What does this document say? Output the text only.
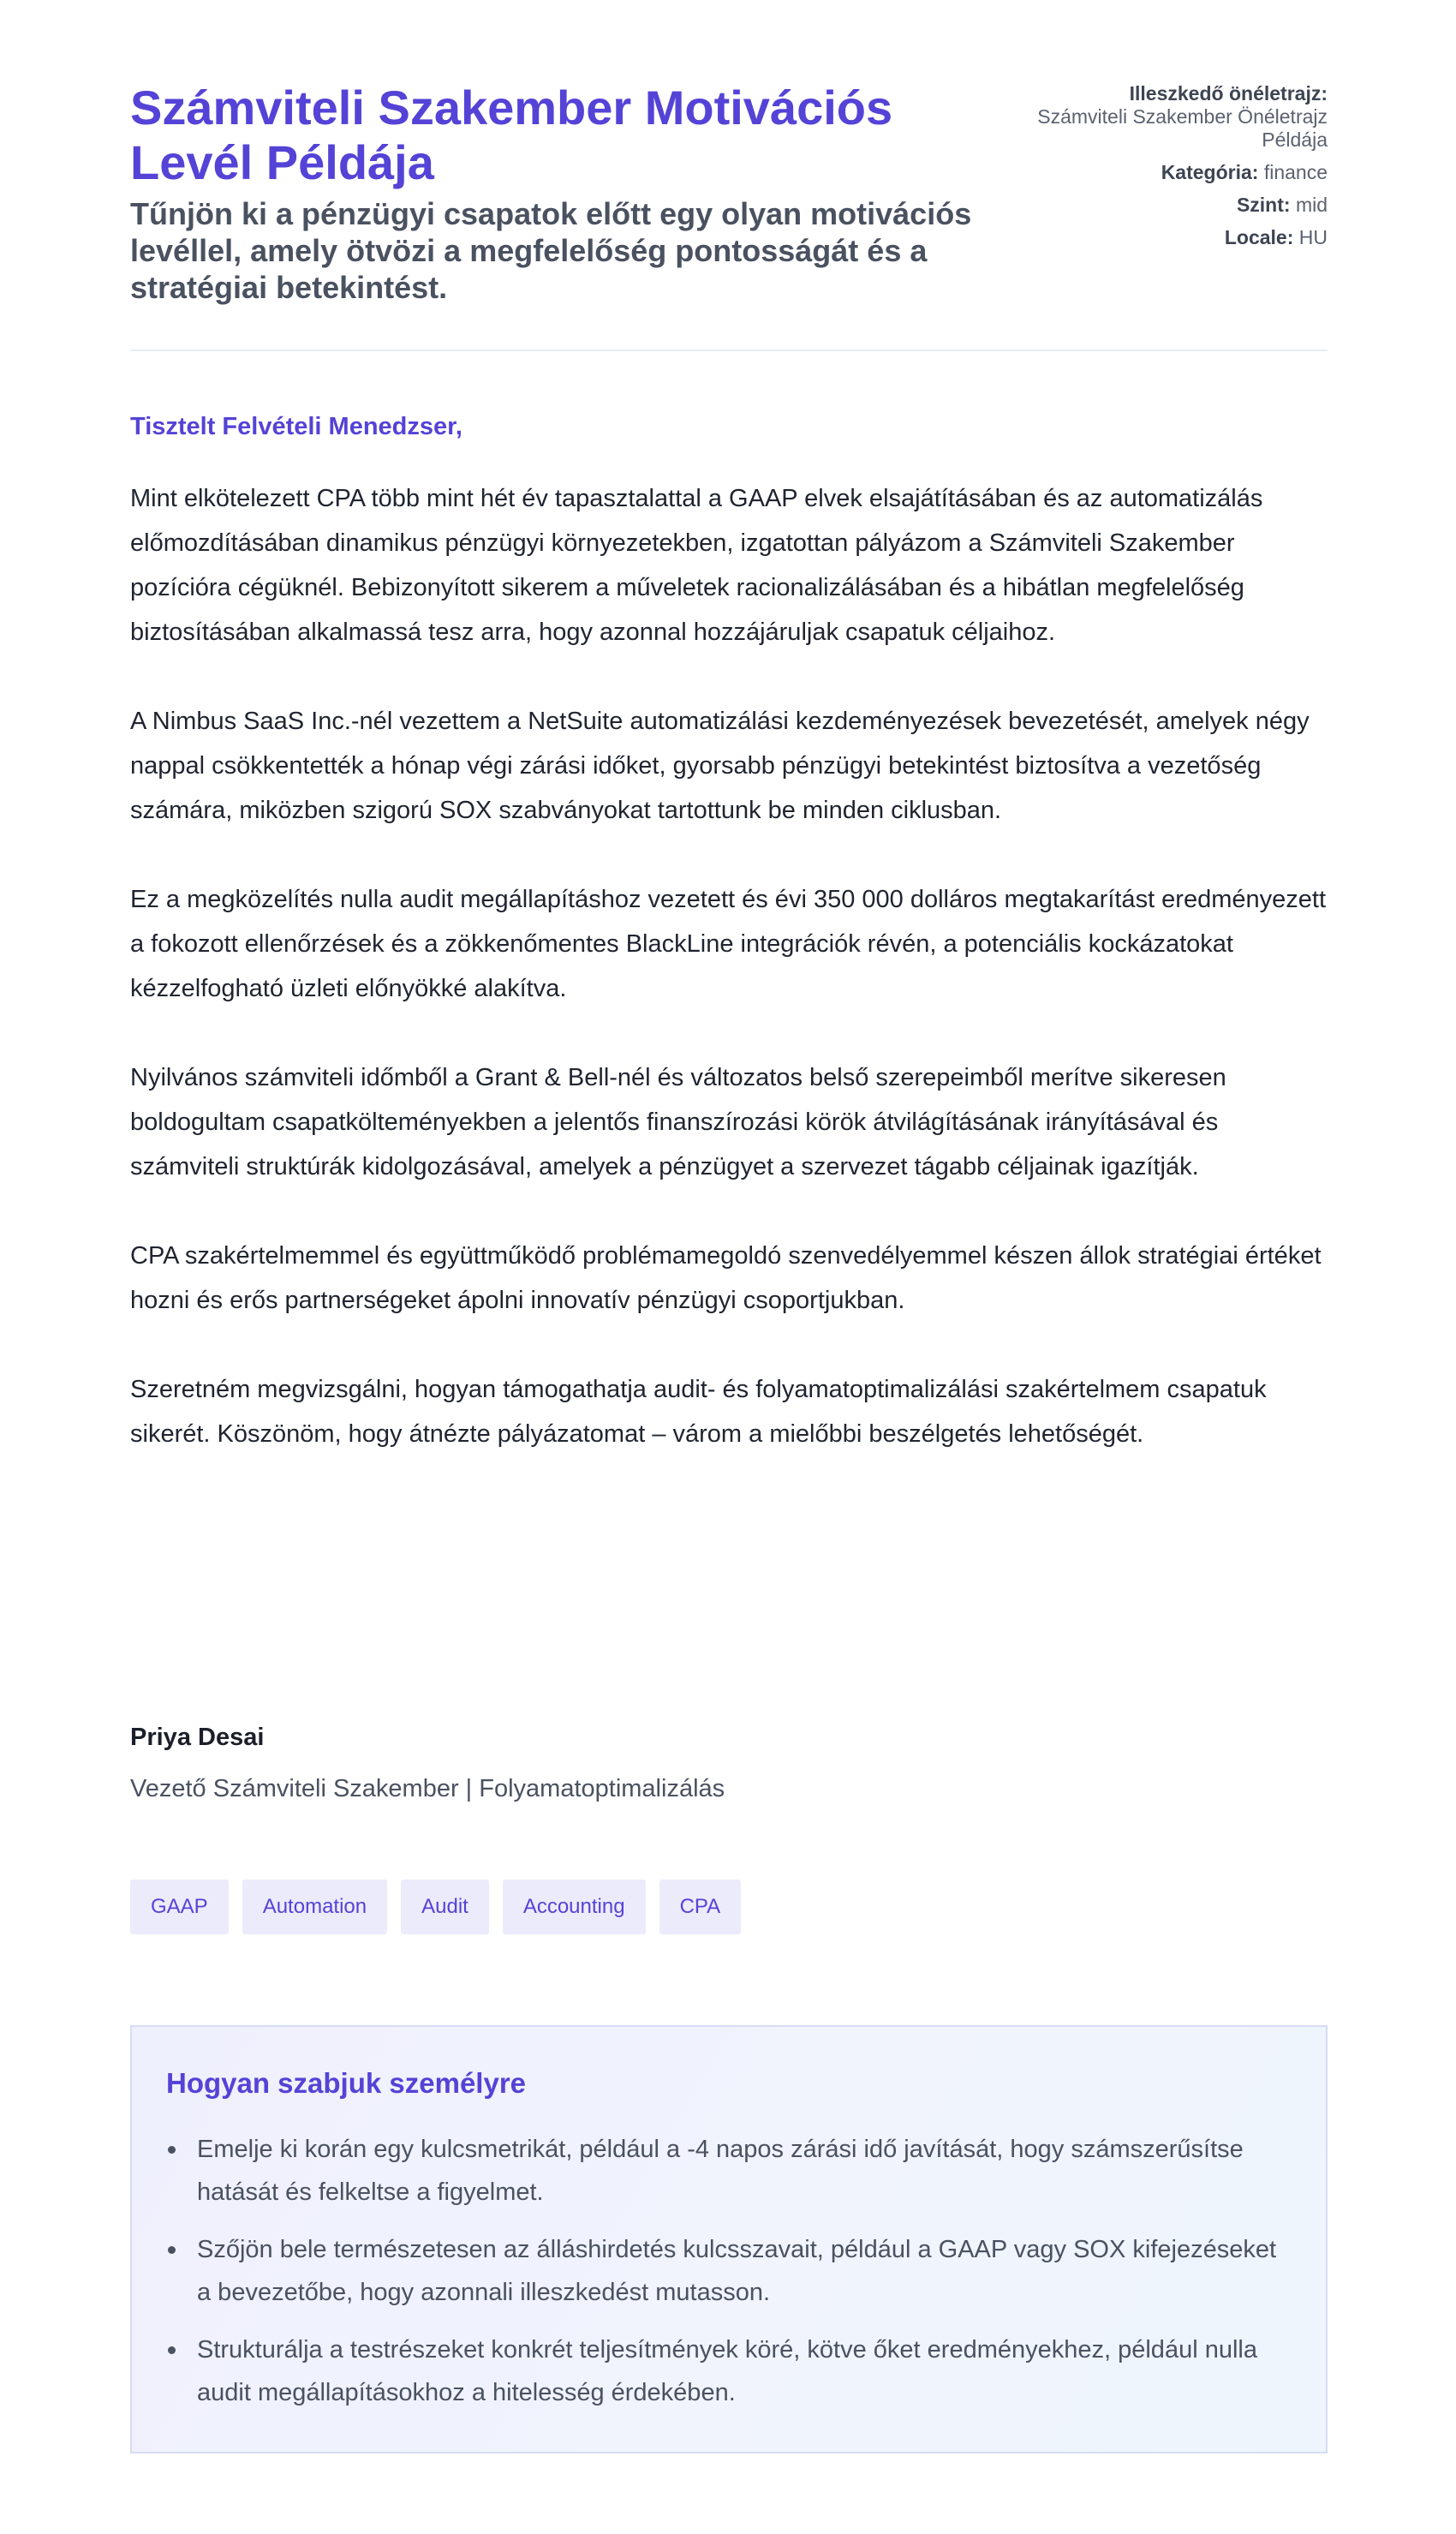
Számviteli Szakember Motivációs Levél Példája
Tűnjön ki a pénzügyi csapatok előtt egy olyan motivációs levéllel, amely ötvözi a megfelelőség pontosságát és a stratégiai betekintést.
Illeszkedő önéletrajz:
Számviteli Szakember Önéletrajz Példája
Kategória: finance
Szint: mid
Locale: HU

Tisztelt Felvételi Menedzser,

Mint elkötelezett CPA több mint hét év tapasztalattal a GAAP elvek elsajátításában és az automatizálás előmozdításában dinamikus pénzügyi környezetekben, izgatottan pályázom a Számviteli Szakember pozícióra cégüknél. Bebizonyított sikerem a műveletek racionalizálásában és a hibátlan megfelelőség biztosításában alkalmassá tesz arra, hogy azonnal hozzájáruljak csapatuk céljaihoz.

A Nimbus SaaS Inc.-nél vezettem a NetSuite automatizálási kezdeményezések bevezetését, amelyek négy nappal csökkentették a hónap végi zárási időket, gyorsabb pénzügyi betekintést biztosítva a vezetőség számára, miközben szigorú SOX szabványokat tartottunk be minden ciklusban.

Ez a megközelítés nulla audit megállapításhoz vezetett és évi 350 000 dolláros megtakarítást eredményezett a fokozott ellenőrzések és a zökkenőmentes BlackLine integrációk révén, a potenciális kockázatokat kézzelfogható üzleti előnyökké alakítva.

Nyilvános számviteli időmből a Grant & Bell-nél és változatos belső szerepeimből merítve sikeresen boldogultam csapatkölteményekben a jelentős finanszírozási körök átvilágításának irányításával és számviteli struktúrák kidolgozásával, amelyek a pénzügyet a szervezet tágabb céljainak igazítják.

CPA szakértelmemmel és együttműködő problémamegoldó szenvedélyemmel készen állok stratégiai értéket hozni és erős partnerségeket ápolni innovatív pénzügyi csoportjukban.

Szeretném megvizsgálni, hogyan támogathatja audit- és folyamatoptimalizálási szakértelmem csapatuk sikerét. Köszönöm, hogy átnézte pályázatomat – várom a mielőbbi beszélgetés lehetőségét.

Priya Desai

Vezető Számviteli Szakember | Folyamatoptimalizálás

GAAP	Automation	Audit	Accounting	CPA
Hogyan szabjuk személyre
Emelje ki korán egy kulcsmetrikát, például a -4 napos zárási idő javítását, hogy számszerűsítse hatását és felkeltse a figyelmet.
Szőjön bele természetesen az álláshirdetés kulcsszavait, például a GAAP vagy SOX kifejezéseket a bevezetőbe, hogy azonnali illeszkedést mutasson.
Strukturálja a testrészeket konkrét teljesítmények köré, kötve őket eredményekhez, például nulla audit megállapításokhoz a hitelesség érdekében.
